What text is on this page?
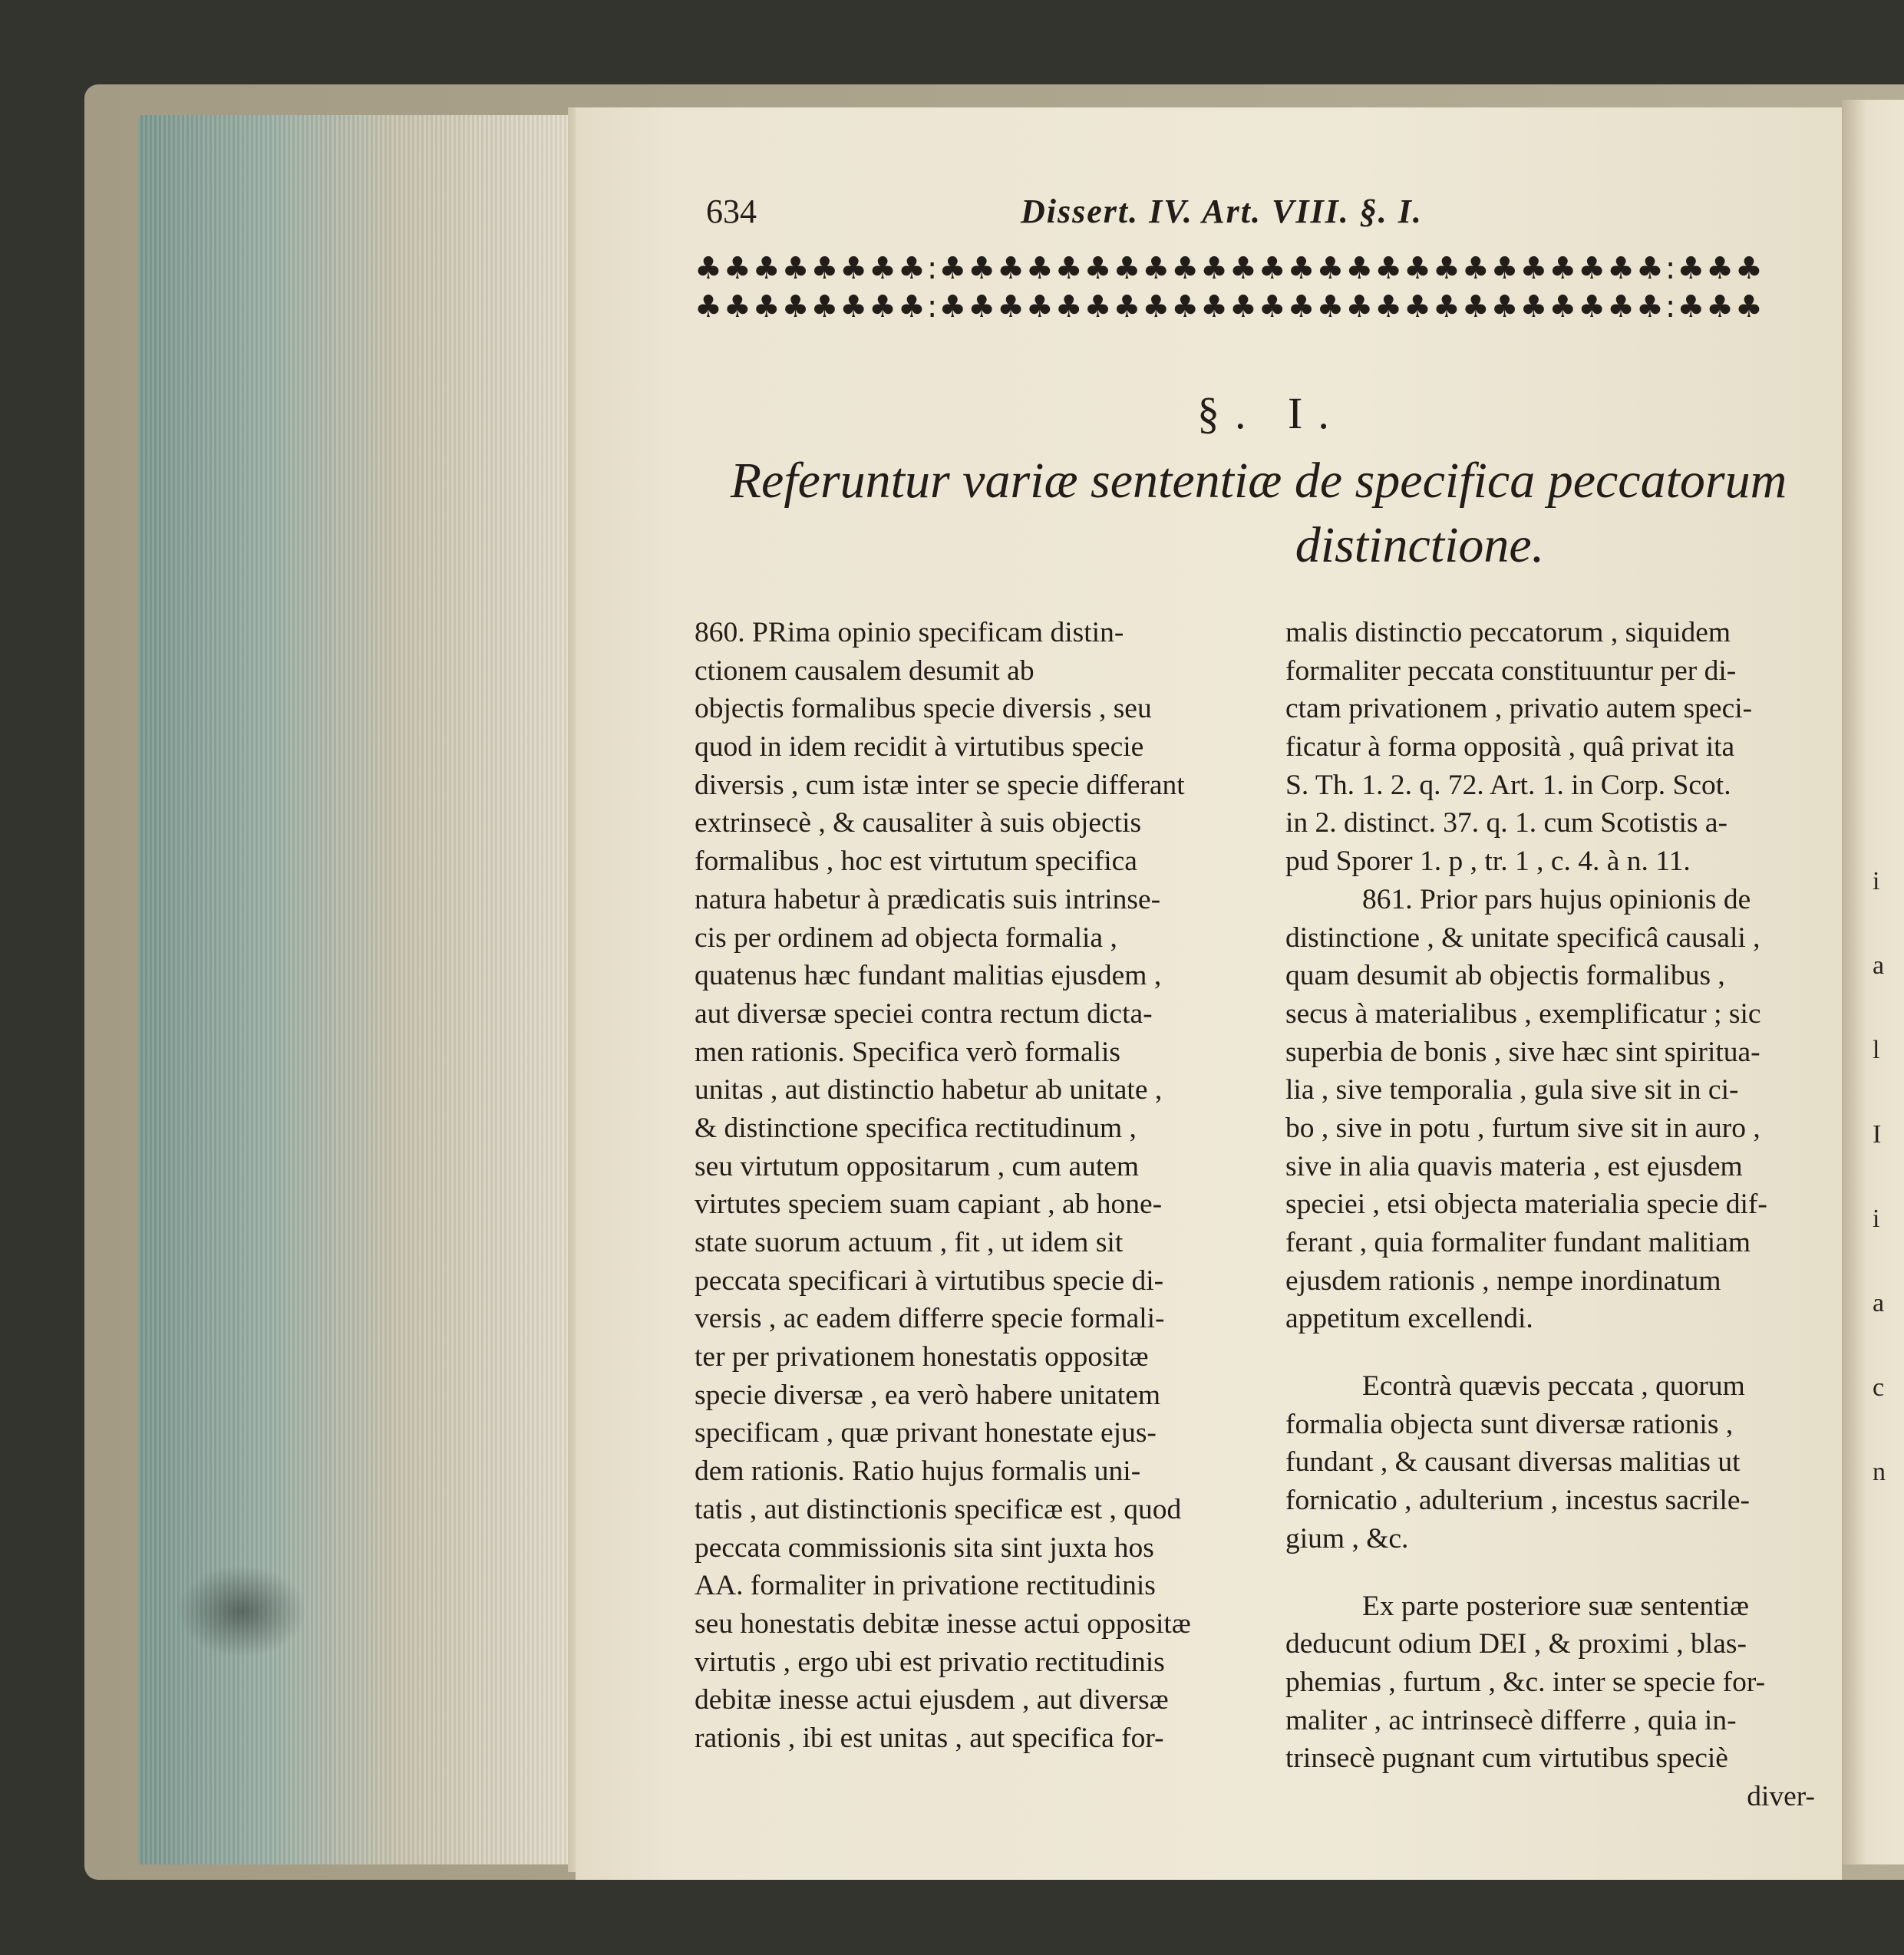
i
a
l
I
i
a
c
n
634	Dissert. IV. Art. VIII. §. I.
♣♣♣♣♣♣♣♣:♣♣♣♣♣♣♣♣♣♣♣♣♣♣♣♣♣♣♣♣♣♣♣♣♣:♣♣♣
♣♣♣♣♣♣♣♣:♣♣♣♣♣♣♣♣♣♣♣♣♣♣♣♣♣♣♣♣♣♣♣♣♣:♣♣♣
§. I.
Referuntur variæ sententiæ de specifica peccatorum
distinctione.
860. PRima opinio specificam distin-
ctionem causalem desumit ab
objectis formalibus specie diversis , seu
quod in idem recidit à virtutibus specie
diversis , cum istæ inter se specie differant
extrinsecè , & causaliter à suis objectis
formalibus , hoc est virtutum specifica
natura habetur à prædicatis suis intrinse-
cis per ordinem ad objecta formalia ,
quatenus hæc fundant malitias ejusdem ,
aut diversæ speciei contra rectum dicta-
men rationis. Specifica verò formalis
unitas , aut distinctio habetur ab unitate ,
& distinctione specifica rectitudinum ,
seu virtutum oppositarum , cum autem
virtutes speciem suam capiant , ab hone-
state suorum actuum , fit , ut idem sit
peccata specificari à virtutibus specie di-
versis , ac eadem differre specie formali-
ter per privationem honestatis oppositæ
specie diversæ , ea verò habere unitatem
specificam , quæ privant honestate ejus-
dem rationis. Ratio hujus formalis uni-
tatis , aut distinctionis specificæ est , quod
peccata commissionis sita sint juxta hos
AA. formaliter in privatione rectitudinis
seu honestatis debitæ inesse actui oppositæ
virtutis , ergo ubi est privatio rectitudinis
debitæ inesse actui ejusdem , aut diversæ
rationis , ibi est unitas , aut specifica for-
malis distinctio peccatorum , siquidem
formaliter peccata constituuntur per di-
ctam privationem , privatio autem speci-
ficatur à forma opposità , quâ privat ita
S. Th. 1. 2. q. 72. Art. 1. in Corp. Scot.
in 2. distinct. 37. q. 1. cum Scotistis a-
pud Sporer 1. p , tr. 1 , c. 4. à n. 11.
861. Prior pars hujus opinionis de
distinctione , & unitate specificâ causali ,
quam desumit ab objectis formalibus ,
secus à materialibus , exemplificatur ; sic
superbia de bonis , sive hæc sint spiritua-
lia , sive temporalia , gula sive sit in ci-
bo , sive in potu , furtum sive sit in auro ,
sive in alia quavis materia , est ejusdem
speciei , etsi objecta materialia specie dif-
ferant , quia formaliter fundant malitiam
ejusdem rationis , nempe inordinatum
appetitum excellendi.
Econtrà quævis peccata , quorum
formalia objecta sunt diversæ rationis ,
fundant , & causant diversas malitias ut
fornicatio , adulterium , incestus sacrile-
gium , &c.
Ex parte posteriore suæ sententiæ
deducunt odium DEI , & proximi , blas-
phemias , furtum , &c. inter se specie for-
maliter , ac intrinsecè differre , quia in-
trinsecè pugnant cum virtutibus speciè
diver-
